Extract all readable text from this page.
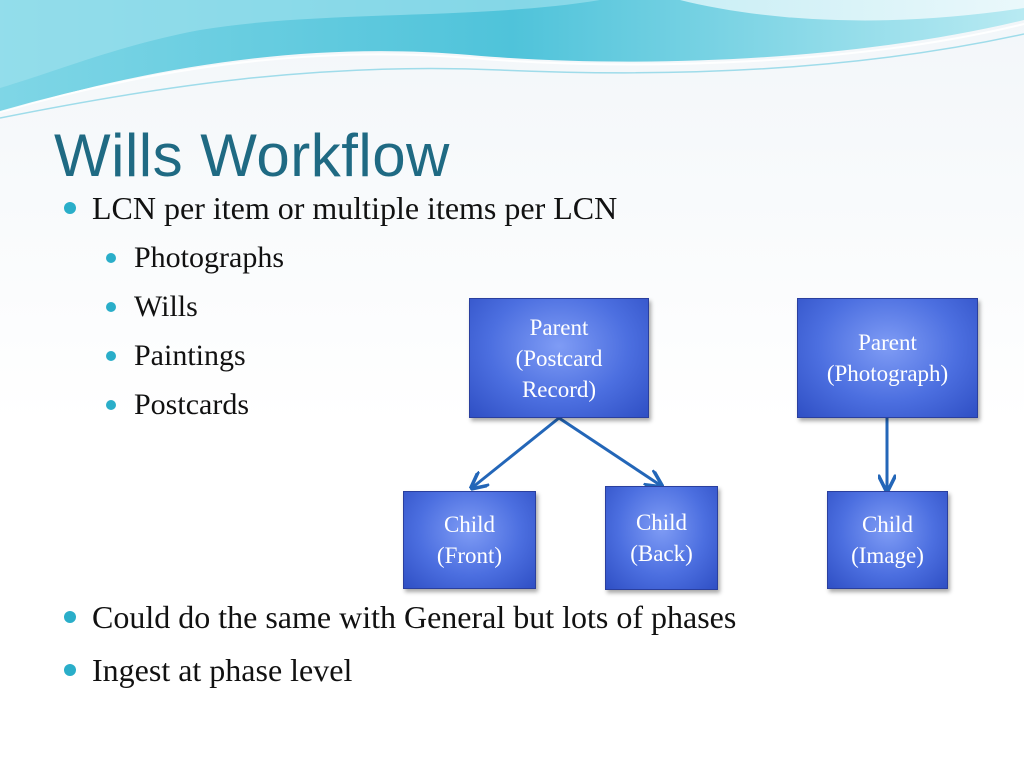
Wills Workflow
LCN per item or multiple items per LCN
Photographs
Wills
Paintings
Postcards
Parent
(Postcard
Record)
Parent
(Photograph)
Child
(Front)
Child
(Back)
Child
(Image)
Could do the same with General but lots of phases
Ingest at phase level
